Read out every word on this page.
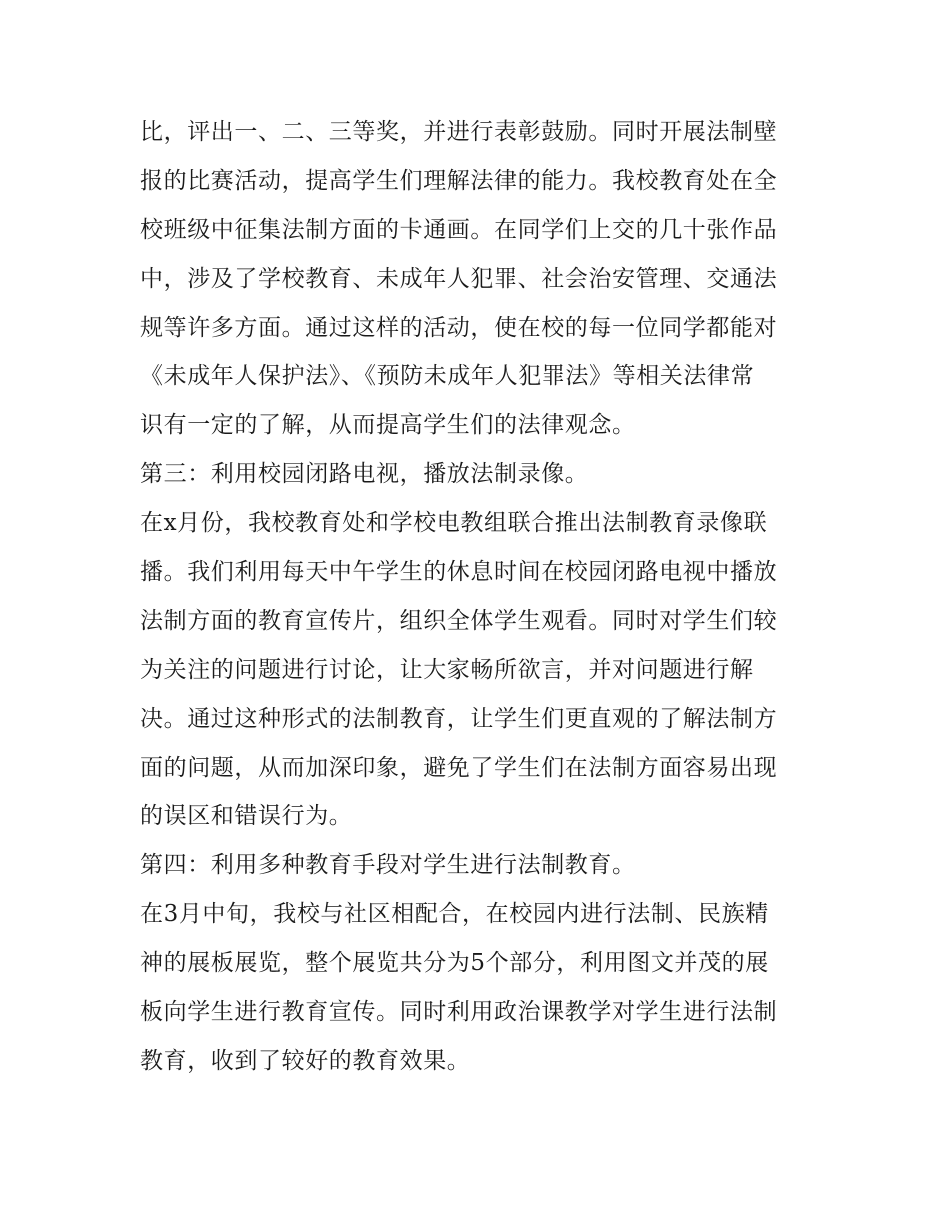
比，评出一、二、三等奖，并进行表彰鼓励。同时开展法制壁
报的比赛活动，提高学生们理解法律的能力。我校教育处在全
校班级中征集法制方面的卡通画。在同学们上交的几十张作品
中，涉及了学校教育、未成年人犯罪、社会治安管理、交通法
规等许多方面。通过这样的活动，使在校的每一位同学都能对
《未成年人保护法》、《预防未成年人犯罪法》等相关法律常
识有一定的了解，从而提高学生们的法律观念。
第三：利用校园闭路电视，播放法制录像。
在x月份，我校教育处和学校电教组联合推出法制教育录像联
播。我们利用每天中午学生的休息时间在校园闭路电视中播放
法制方面的教育宣传片，组织全体学生观看。同时对学生们较
为关注的问题进行讨论，让大家畅所欲言，并对问题进行解
决。通过这种形式的法制教育，让学生们更直观的了解法制方
面的问题，从而加深印象，避免了学生们在法制方面容易出现
的误区和错误行为。
第四：利用多种教育手段对学生进行法制教育。
在3月中旬，我校与社区相配合，在校园内进行法制、民族精
神的展板展览，整个展览共分为5个部分，利用图文并茂的展
板向学生进行教育宣传。同时利用政治课教学对学生进行法制
教育，收到了较好的教育效果。
